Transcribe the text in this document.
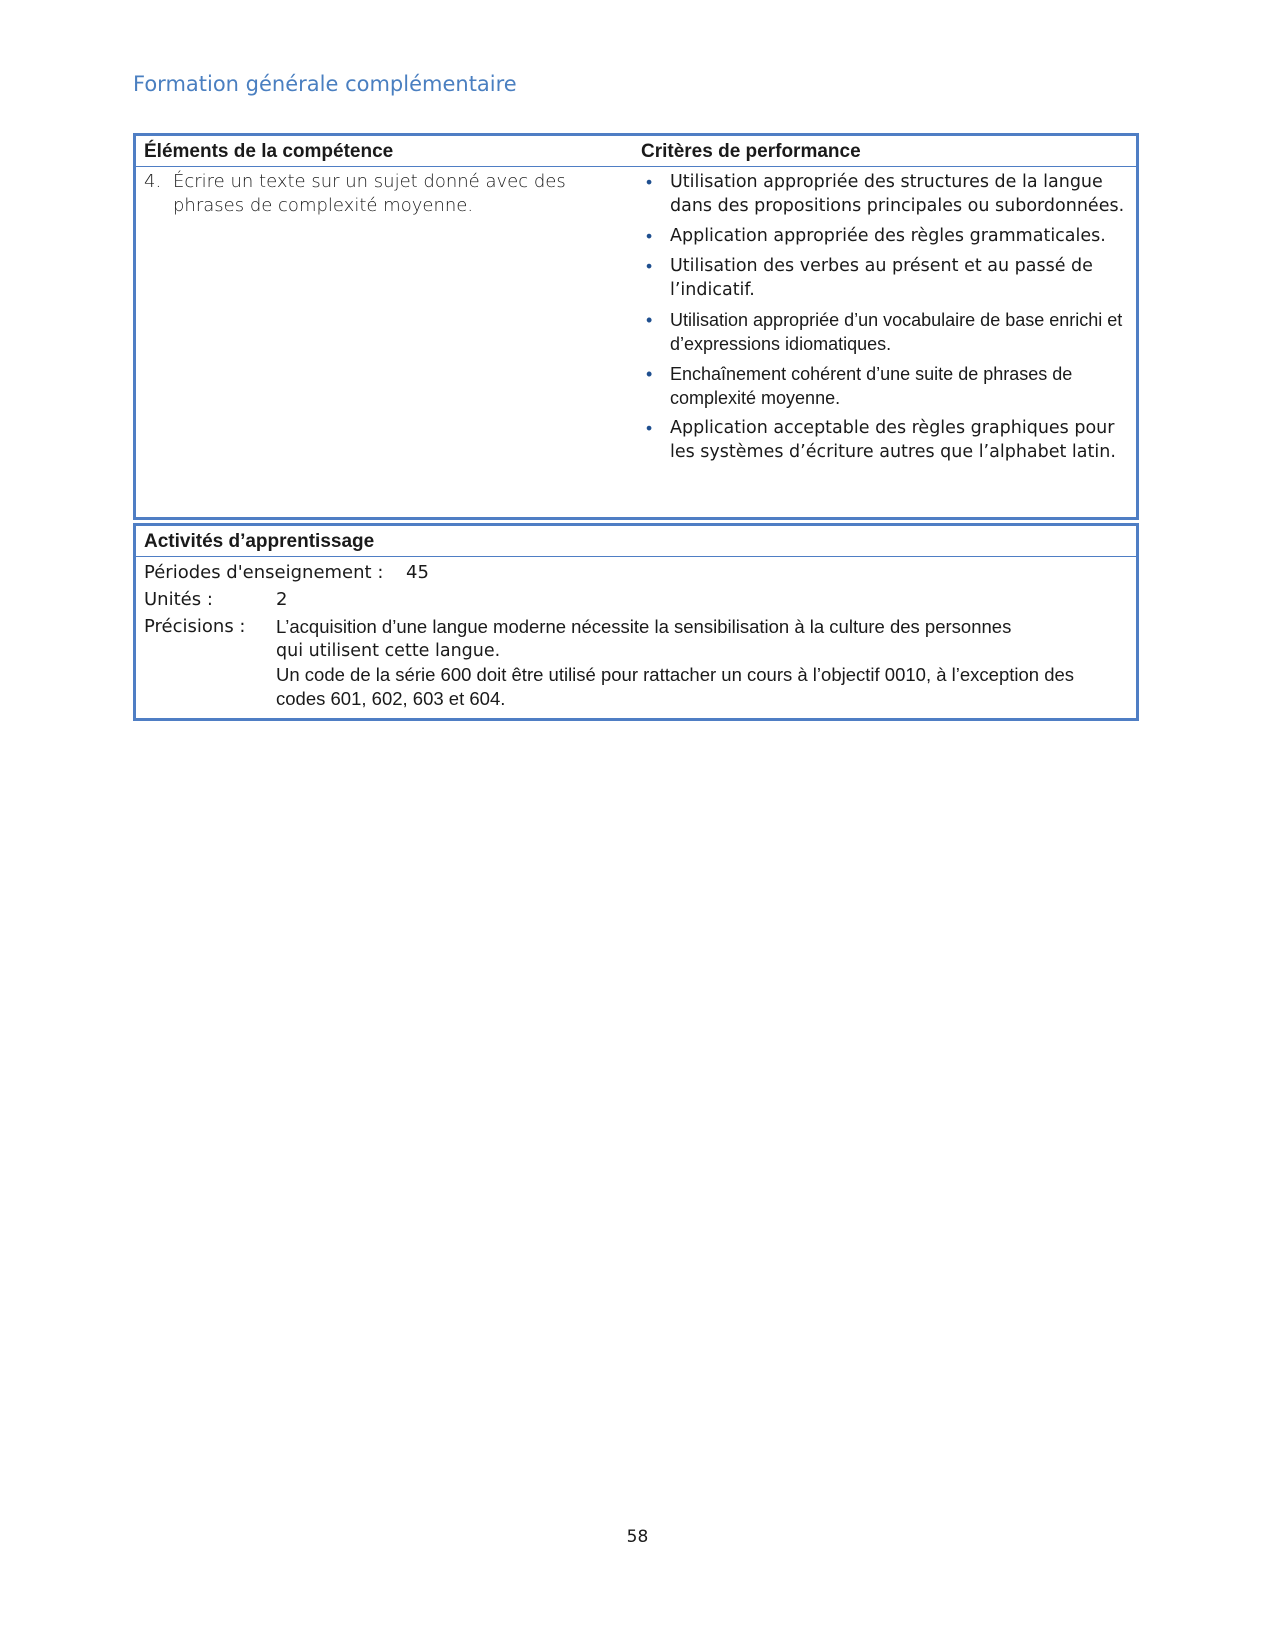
Formation générale complémentaire
Éléments de la compétence	Critères de performance
4. Écrire un texte sur un sujet donné avec des phrases de complexité moyenne.
• Utilisation appropriée des structures de la langue dans des propositions principales ou subordonnées.
• Application appropriée des règles grammaticales.
• Utilisation des verbes au présent et au passé de l’indicatif.
• Utilisation appropriée d’un vocabulaire de base enrichi et d’expressions idiomatiques.
• Enchaînement cohérent d’une suite de phrases de complexité moyenne.
• Application acceptable des règles graphiques pour les systèmes d’écriture autres que l’alphabet latin.
Activités d’apprentissage
Périodes d'enseignement : 45
Unités :	2
Précisions : L’acquisition d’une langue moderne nécessite la sensibilisation à la culture des personnes
qui utilisent cette langue.
Un code de la série 600 doit être utilisé pour rattacher un cours à l’objectif 0010, à l’exception des codes 601, 602, 603 et 604.
58
